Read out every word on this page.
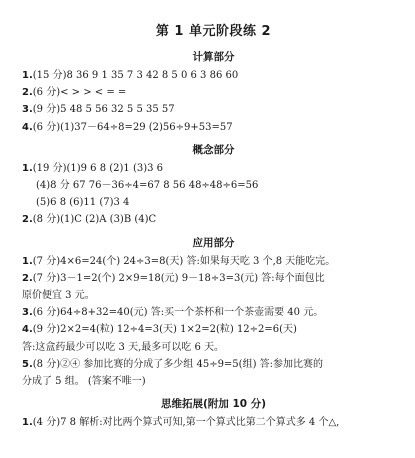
第 1 单元阶段练 2
计算部分
1.(15 分)8 36 9 1 35 7 3 42 8 5 0 6 3 86 60
2.(6 分)< > > < = =
3.(9 分)5 48 5 56 32 5 5 35 57
4.(6 分)(1)37－64÷8=29 (2)56÷9+53=57
概念部分
1.(19 分)(1)9 6 8 (2)1 (3)3 6
(4)8 分 67 76－36÷4=67 8 56 48÷48÷6=56
(5)6 8 (6)11 (7)3 4
2.(8 分)(1)C (2)A (3)B (4)C
应用部分
1.(7 分)4×6=24(个) 24÷3=8(天) 答:如果每天吃 3 个,8 天能吃完。
2.(7 分)3－1=2(个) 2×9=18(元) 9－18÷3=3(元) 答:每个面包比
原价便宜 3 元。
3.(6 分)64÷8+32=40(元) 答:买一个茶杯和一个茶壶需要 40 元。
4.(9 分)2×2=4(粒) 12÷4=3(天) 1×2=2(粒) 12÷2=6(天)
答:这盒药最少可以吃 3 天,最多可以吃 6 天。
5.(8 分)②④ 参加比赛的分成了多少组 45÷9=5(组) 答:参加比赛的
分成了 5 组。 (答案不唯一)
思维拓展(附加 10 分)
1.(4 分)7 8 解析:对比两个算式可知,第一个算式比第二个算式多 4 个△,
